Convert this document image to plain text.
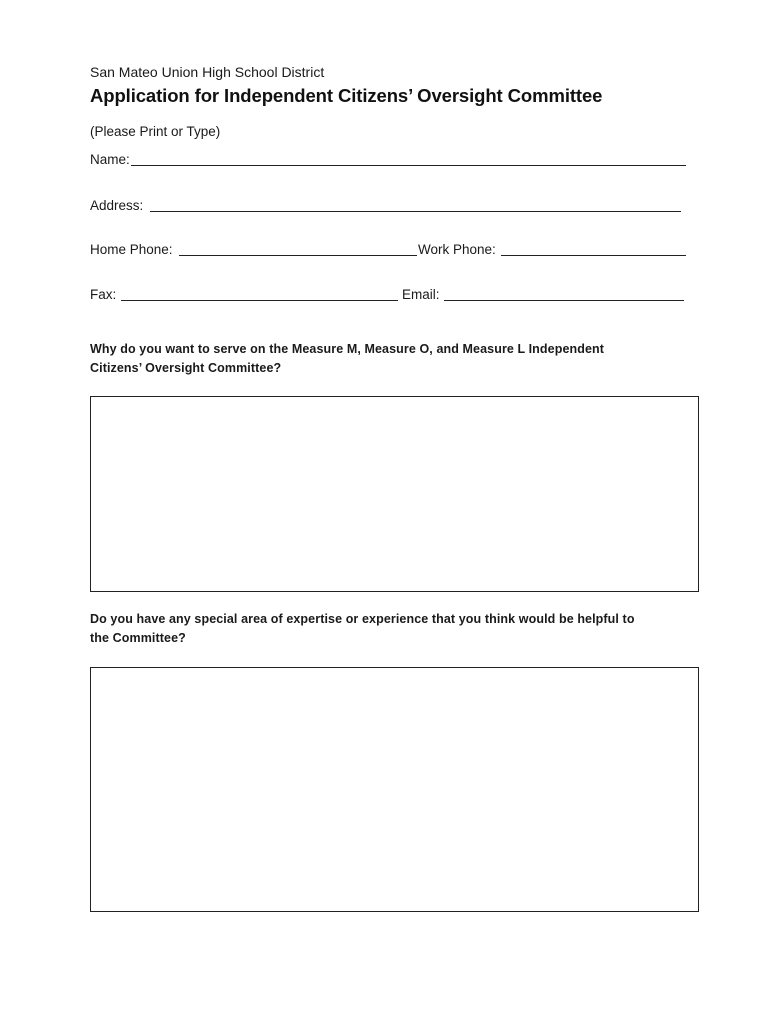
San Mateo Union High School District
Application for Independent Citizens’ Oversight Committee
(Please Print or Type)
Name:
Address:
Home Phone:	Work Phone:
Fax:	Email:
Why do you want to serve on the Measure M, Measure O, and Measure L Independent
Citizens’ Oversight Committee?
Do you have any special area of expertise or experience that you think would be helpful to
the Committee?
